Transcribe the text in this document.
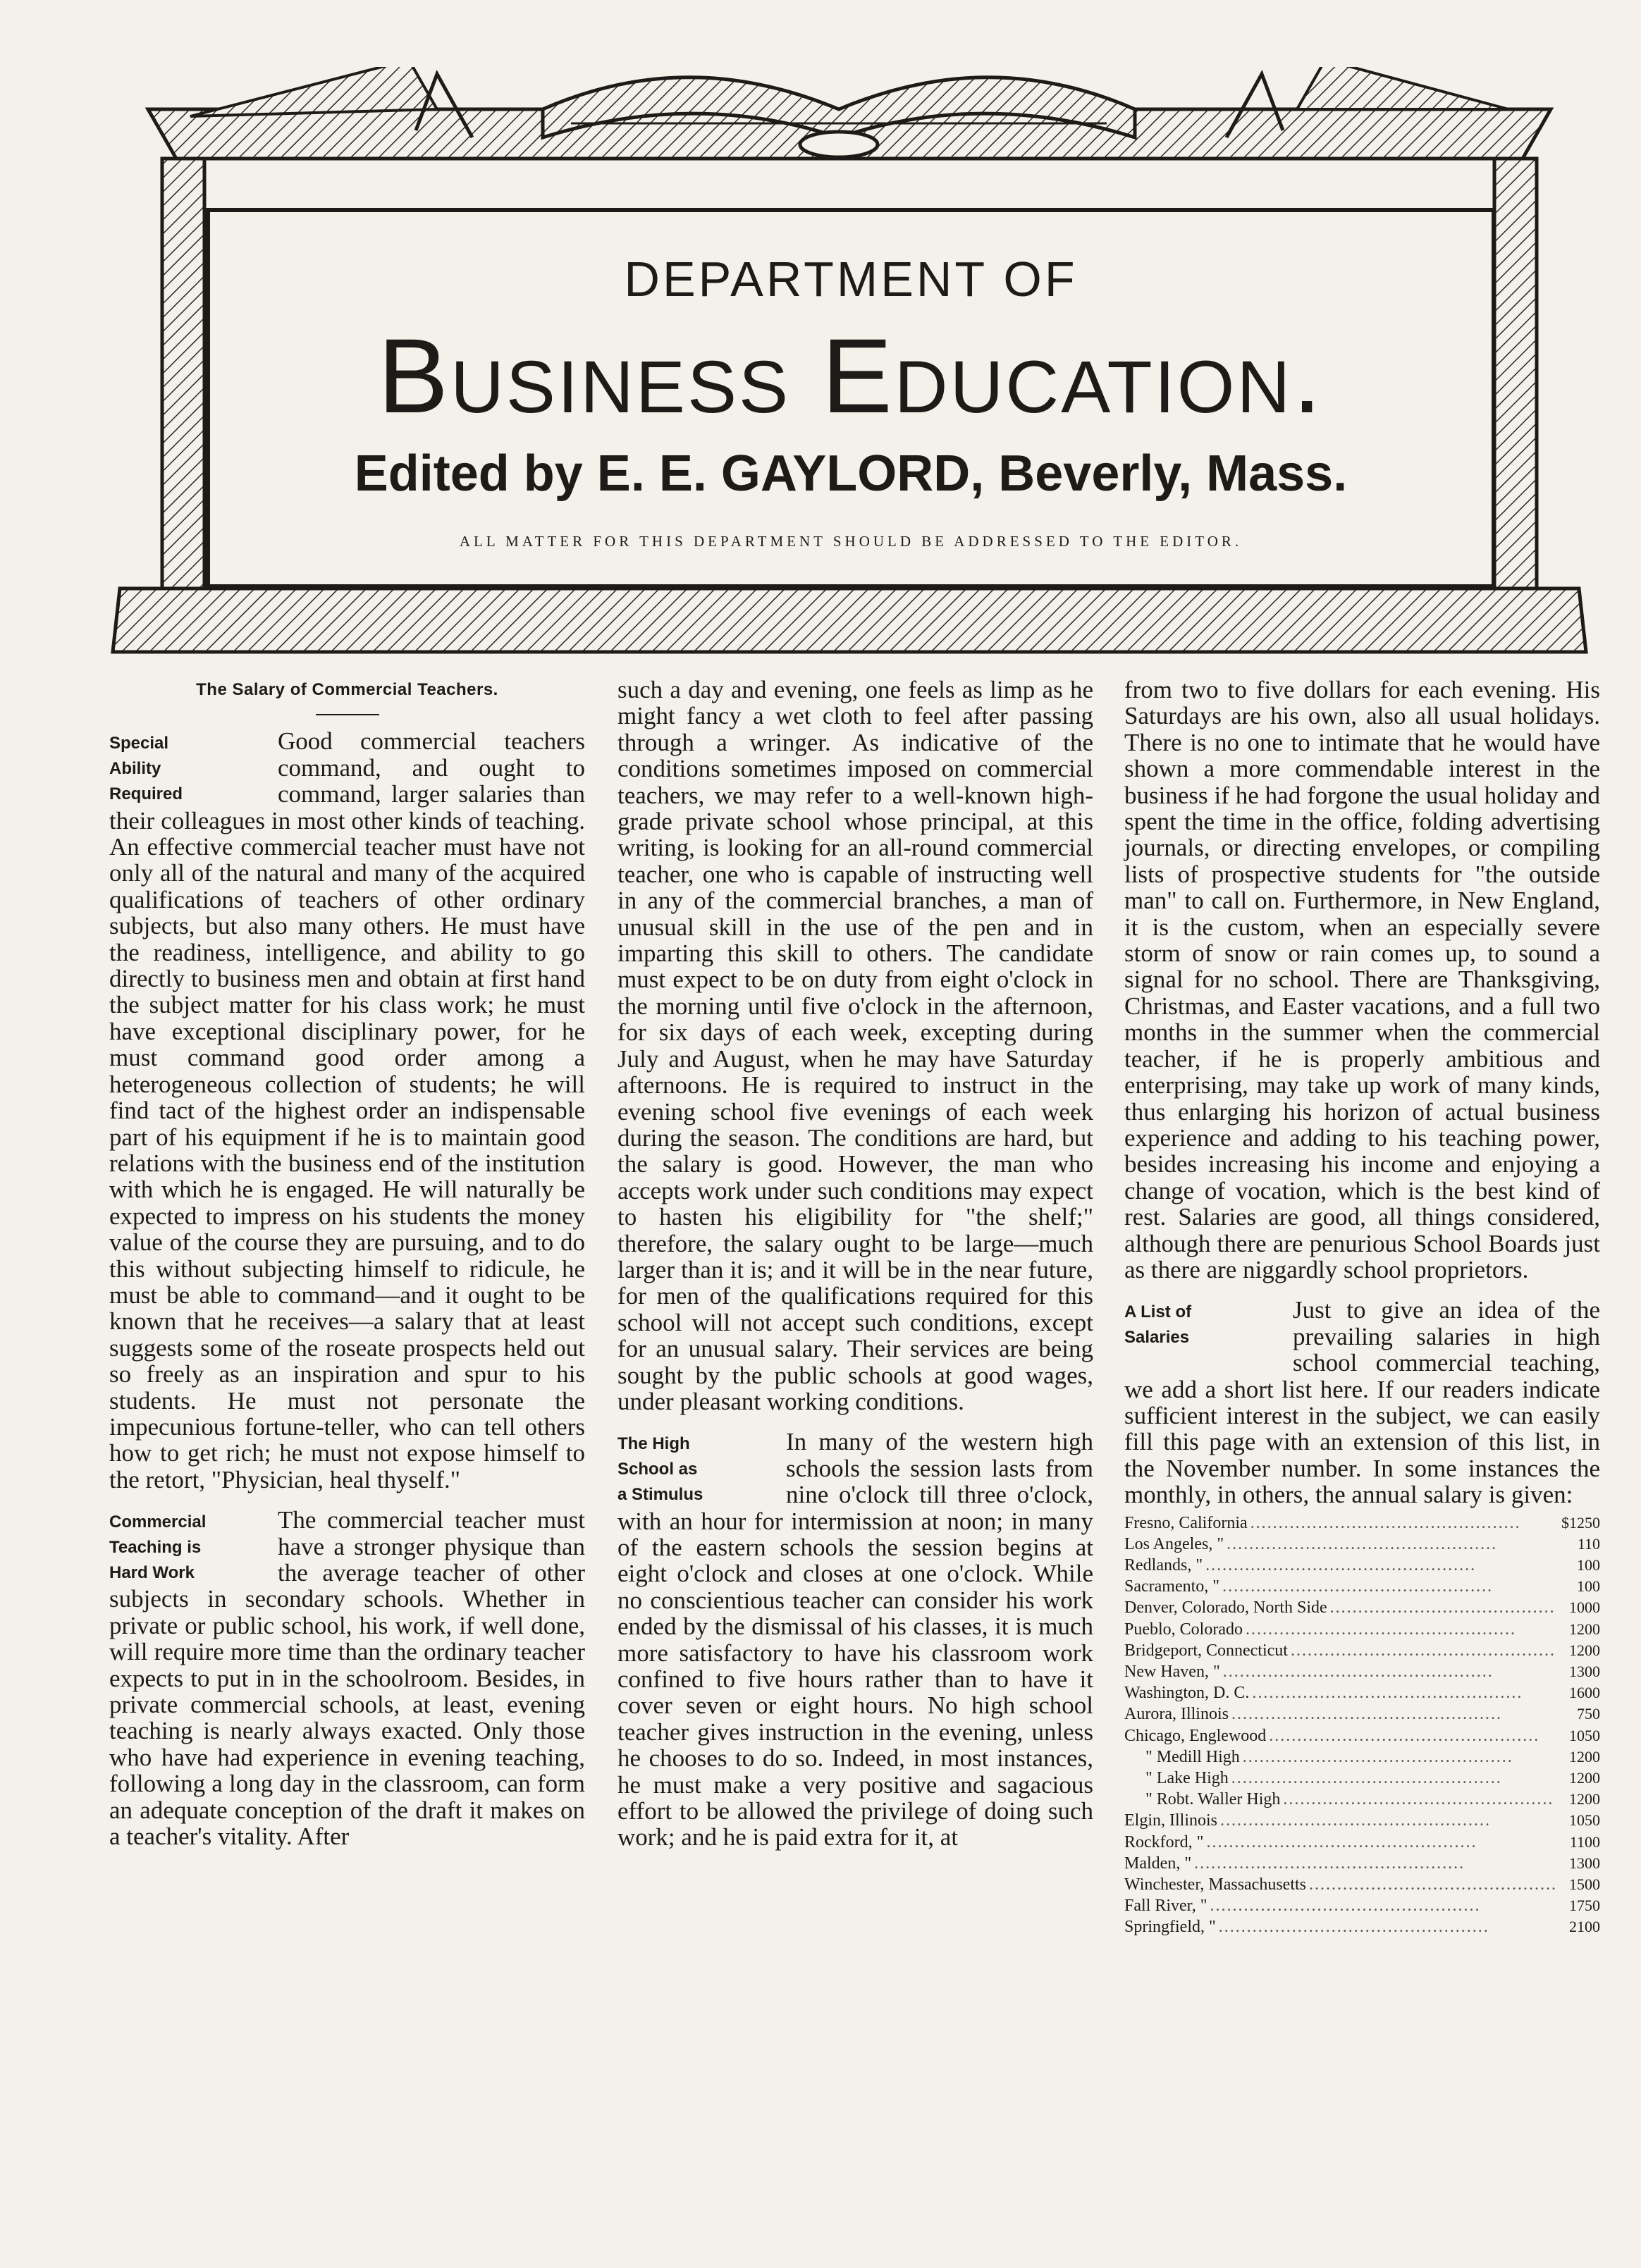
DEPARTMENT OF
Business Education.
Edited by E. E. GAYLORD, Beverly, Mass.
ALL MATTER FOR THIS DEPARTMENT SHOULD BE ADDRESSED TO THE EDITOR.
The Salary of Commercial Teachers.

Special
Ability
Required
Good commercial teachers command, and ought to command, larger salaries than their colleagues in most other kinds of teaching. An effective commercial teacher must have not only all of the natural and many of the acquired qualifications of teachers of other ordinary subjects, but also many others. He must have the readiness, intelligence, and ability to go directly to business men and obtain at first hand the subject matter for his class work; he must have exceptional disciplinary power, for he must command good order among a heterogeneous collection of students; he will find tact of the highest order an indispensable part of his equipment if he is to maintain good relations with the business end of the institution with which he is engaged. He will naturally be expected to impress on his students the money value of the course they are pursuing, and to do this without subjecting himself to ridicule, he must be able to command—and it ought to be known that he receives—a salary that at least suggests some of the roseate prospects held out so freely as an inspiration and spur to his students. He must not personate the impecunious fortune-teller, who can tell others how to get rich; he must not expose himself to the retort, "Physician, heal thyself."

Commercial
Teaching is
Hard Work
The commercial teacher must have a stronger physique than the average teacher of other subjects in secondary schools. Whether in private or public school, his work, if well done, will require more time than the ordinary teacher expects to put in in the schoolroom. Besides, in private commercial schools, at least, evening teaching is nearly always exacted. Only those who have had experience in evening teaching, following a long day in the classroom, can form an adequate conception of the draft it makes on a teacher's vitality. After

such a day and evening, one feels as limp as he might fancy a wet cloth to feel after passing through a wringer. As indicative of the conditions sometimes imposed on commercial teachers, we may refer to a well-known high-grade private school whose principal, at this writing, is looking for an all-round commercial teacher, one who is capable of instructing well in any of the commercial branches, a man of unusual skill in the use of the pen and in imparting this skill to others. The candidate must expect to be on duty from eight o'clock in the morning until five o'clock in the afternoon, for six days of each week, excepting during July and August, when he may have Saturday afternoons. He is required to instruct in the evening school five evenings of each week during the season. The conditions are hard, but the salary is good. However, the man who accepts work under such conditions may expect to hasten his eligibility for "the shelf;" therefore, the salary ought to be large—much larger than it is; and it will be in the near future, for men of the qualifications required for this school will not accept such conditions, except for an unusual salary. Their services are being sought by the public schools at good wages, under pleasant working conditions.

The High
School as
a Stimulus
In many of the western high schools the session lasts from nine o'clock till three o'clock, with an hour for intermission at noon; in many of the eastern schools the session begins at eight o'clock and closes at one o'clock. While no conscientious teacher can consider his work ended by the dismissal of his classes, it is much more satisfactory to have his classroom work confined to five hours rather than to have it cover seven or eight hours. No high school teacher gives instruction in the evening, unless he chooses to do so. Indeed, in most instances, he must make a very positive and sagacious effort to be allowed the privilege of doing such work; and he is paid extra for it, at

from two to five dollars for each evening. His Saturdays are his own, also all usual holidays. There is no one to intimate that he would have shown a more commendable interest in the business if he had forgone the usual holiday and spent the time in the office, folding advertising journals, or directing envelopes, or compiling lists of prospective students for "the outside man" to call on. Furthermore, in New England, it is the custom, when an especially severe storm of snow or rain comes up, to sound a signal for no school. There are Thanksgiving, Christmas, and Easter vacations, and a full two months in the summer when the commercial teacher, if he is properly ambitious and enterprising, may take up work of many kinds, thus enlarging his horizon of actual business experience and adding to his teaching power, besides increasing his income and enjoying a change of vocation, which is the best kind of rest. Salaries are good, all things considered, although there are penurious School Boards just as there are niggardly school proprietors.

A List of
Salaries
Just to give an idea of the prevailing salaries in high school commercial teaching, we add a short list here. If our readers indicate sufficient interest in the subject, we can easily fill this page with an extension of this list, in the November number. In some instances the monthly, in others, the annual salary is given:

Fresno, California . . .	$1250
Los Angeles, " . . .	110
Redlands, " . . .	100
Sacramento, " . . .	100
Denver, Colorado, North Side . . .	1000
Pueblo, Colorado . . .	1200
Bridgeport, Connecticut . . .	1200
New Haven, " . . .	1300
Washington, D. C. . . .	1600
Aurora, Illinois . . .	750
Chicago, Englewood . . .	1050
" Medill High . . .	1200
" Lake High . . .	1200
" Robt. Waller High . . .	1200
Elgin, Illinois . . .	1050
Rockford, " . . .	1100
Malden, " . . .	1300
Winchester, Massachusetts . . .	1500
Fall River, " . . .	1750
Springfield, " . . .	2100
